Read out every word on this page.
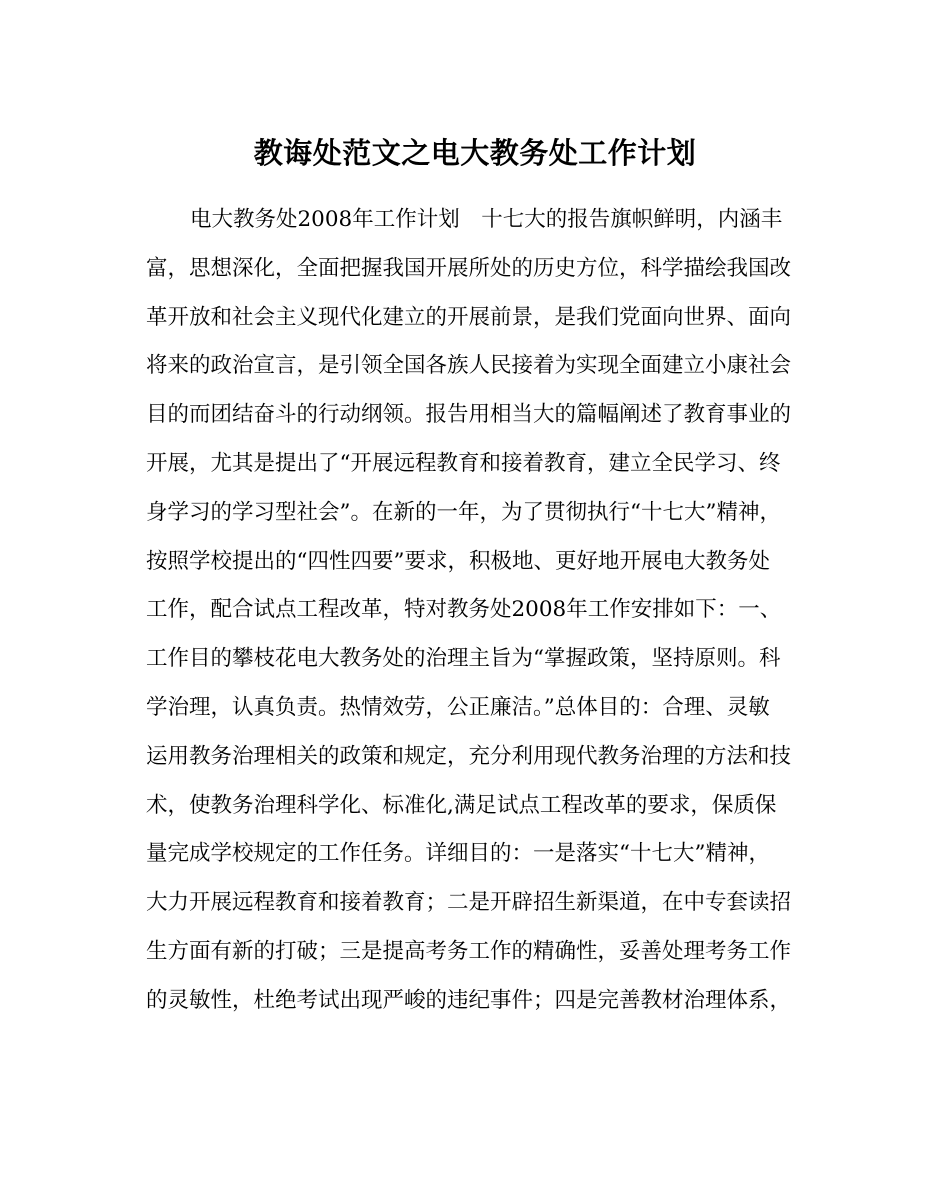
教诲处范文之电大教务处工作计划
电大教务处2008年工作计划　十七大的报告旗帜鲜明，内涵丰
富，思想深化，全面把握我国开展所处的历史方位，科学描绘我国改
革开放和社会主义现代化建立的开展前景，是我们党面向世界、面向
将来的政治宣言，是引领全国各族人民接着为实现全面建立小康社会
目的而团结奋斗的行动纲领。报告用相当大的篇幅阐述了教育事业的
开展，尤其是提出了“开展远程教育和接着教育，建立全民学习、终
身学习的学习型社会”。在新的一年，为了贯彻执行“十七大”精神，
按照学校提出的“四性四要”要求，积极地、更好地开展电大教务处
工作，配合试点工程改革，特对教务处2008年工作安排如下：一、
工作目的攀枝花电大教务处的治理主旨为“掌握政策，坚持原则。科
学治理，认真负责。热情效劳，公正廉洁。”总体目的：合理、灵敏
运用教务治理相关的政策和规定，充分利用现代教务治理的方法和技
术，使教务治理科学化、标准化,满足试点工程改革的要求，保质保
量完成学校规定的工作任务。详细目的：一是落实“十七大”精神，
大力开展远程教育和接着教育；二是开辟招生新渠道，在中专套读招
生方面有新的打破；三是提高考务工作的精确性，妥善处理考务工作
的灵敏性，杜绝考试出现严峻的违纪事件；四是完善教材治理体系，
